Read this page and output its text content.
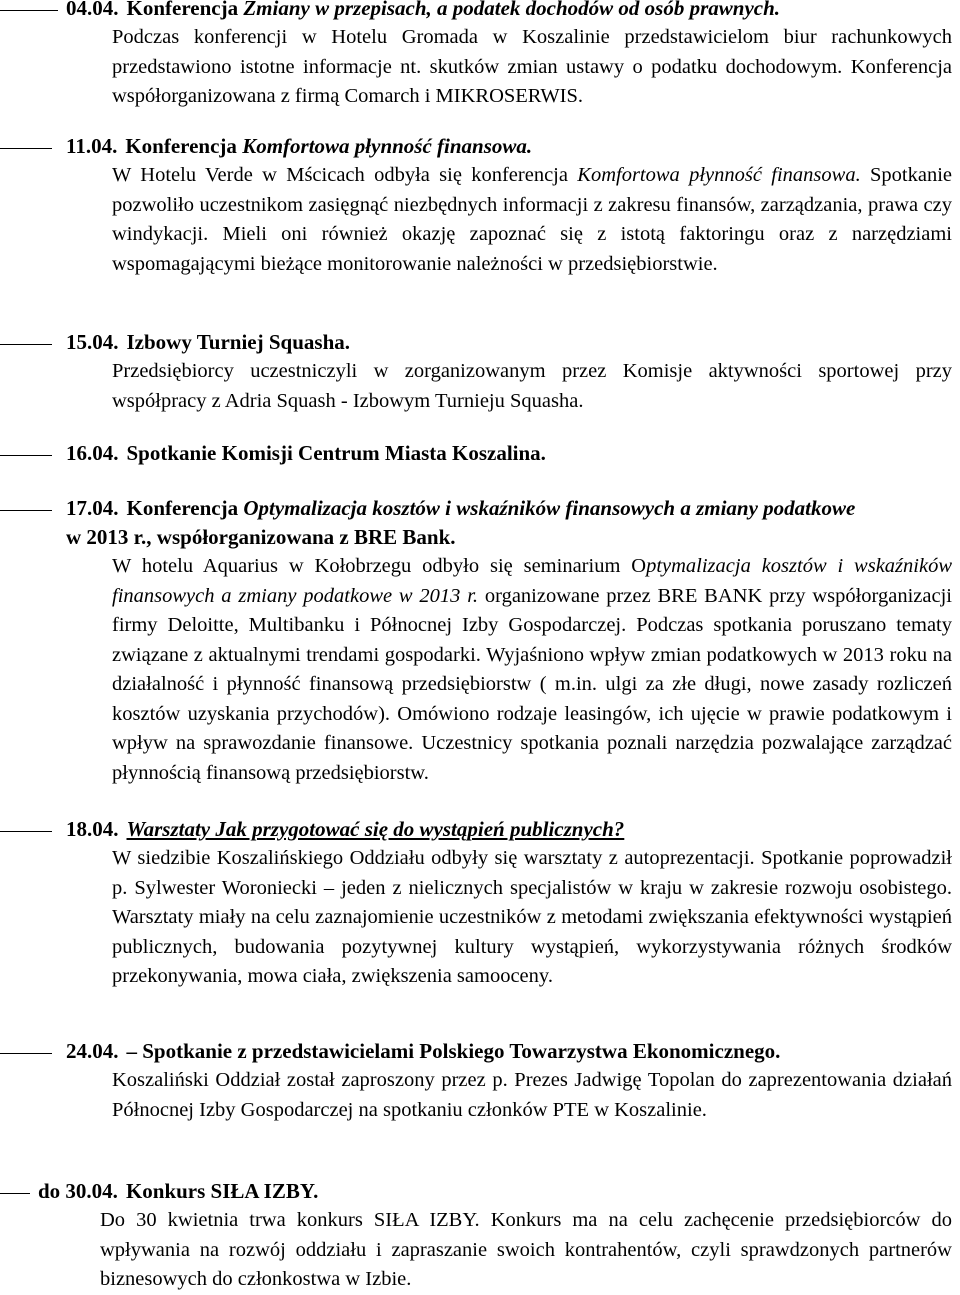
04.04. Konferencja Zmiany w przepisach, a podatek dochodów od osób prawnych.
Podczas konferencji w Hotelu Gromada w Koszalinie przedstawicielom biur rachunkowych przedstawiono istotne informacje nt. skutków zmian ustawy o podatku dochodowym. Konferencja współorganizowana z firmą Comarch i MIKROSERWIS.
11.04. Konferencja Komfortowa płynność finansowa.
W Hotelu Verde w Mścicach odbyła się konferencja Komfortowa płynność finansowa. Spotkanie pozwoliło uczestnikom zasięgnąć niezbędnych informacji z zakresu finansów, zarządzania, prawa czy windykacji. Mieli oni również okazję zapoznać się z istotą faktoringu oraz z narzędziami wspomagającymi bieżące monitorowanie należności w przedsiębiorstwie.
15.04. Izbowy Turniej Squasha.
Przedsiębiorcy uczestniczyli w zorganizowanym przez Komisje aktywności sportowej przy współpracy z Adria Squash - Izbowym Turnieju Squasha.
16.04. Spotkanie Komisji Centrum Miasta Koszalina.
17.04. Konferencja Optymalizacja kosztów i wskaźników finansowych a zmiany podatkowe
w 2013 r., współorganizowana z BRE Bank.
W hotelu Aquarius w Kołobrzegu odbyło się seminarium Optymalizacja kosztów i wskaźników finansowych a zmiany podatkowe w 2013 r. organizowane przez BRE BANK przy współorganizacji firmy Deloitte, Multibanku i Północnej Izby Gospodarczej. Podczas spotkania poruszano tematy związane z aktualnymi trendami gospodarki. Wyjaśniono wpływ zmian podatkowych w 2013 roku na działalność i płynność finansową przedsiębiorstw ( m.in. ulgi za złe długi, nowe zasady rozliczeń kosztów uzyskania przychodów). Omówiono rodzaje leasingów, ich ujęcie w prawie podatkowym i wpływ na sprawozdanie finansowe. Uczestnicy spotkania poznali narzędzia pozwalające zarządzać płynnością finansową przedsiębiorstw.
18.04. Warsztaty Jak przygotować się do wystąpień publicznych?
W siedzibie Koszalińskiego Oddziału odbyły się warsztaty z autoprezentacji. Spotkanie poprowadził p. Sylwester Woroniecki – jeden z nielicznych specjalistów w kraju w zakresie rozwoju osobistego. Warsztaty miały na celu zaznajomienie uczestników z metodami zwiększania efektywności wystąpień publicznych, budowania pozytywnej kultury wystąpień, wykorzystywania różnych środków przekonywania, mowa ciała, zwiększenia samooceny.
24.04. – Spotkanie z przedstawicielami Polskiego Towarzystwa Ekonomicznego.
Koszaliński Oddział został zaproszony przez p. Prezes Jadwigę Topolan do zaprezentowania działań Północnej Izby Gospodarczej na spotkaniu członków PTE w Koszalinie.
do 30.04. Konkurs SIŁA IZBY.
Do 30 kwietnia trwa konkurs SIŁA IZBY. Konkurs ma na celu zachęcenie przedsiębiorców do wpływania na rozwój oddziału i zapraszanie swoich kontrahentów, czyli sprawdzonych partnerów biznesowych do członkostwa w Izbie.
